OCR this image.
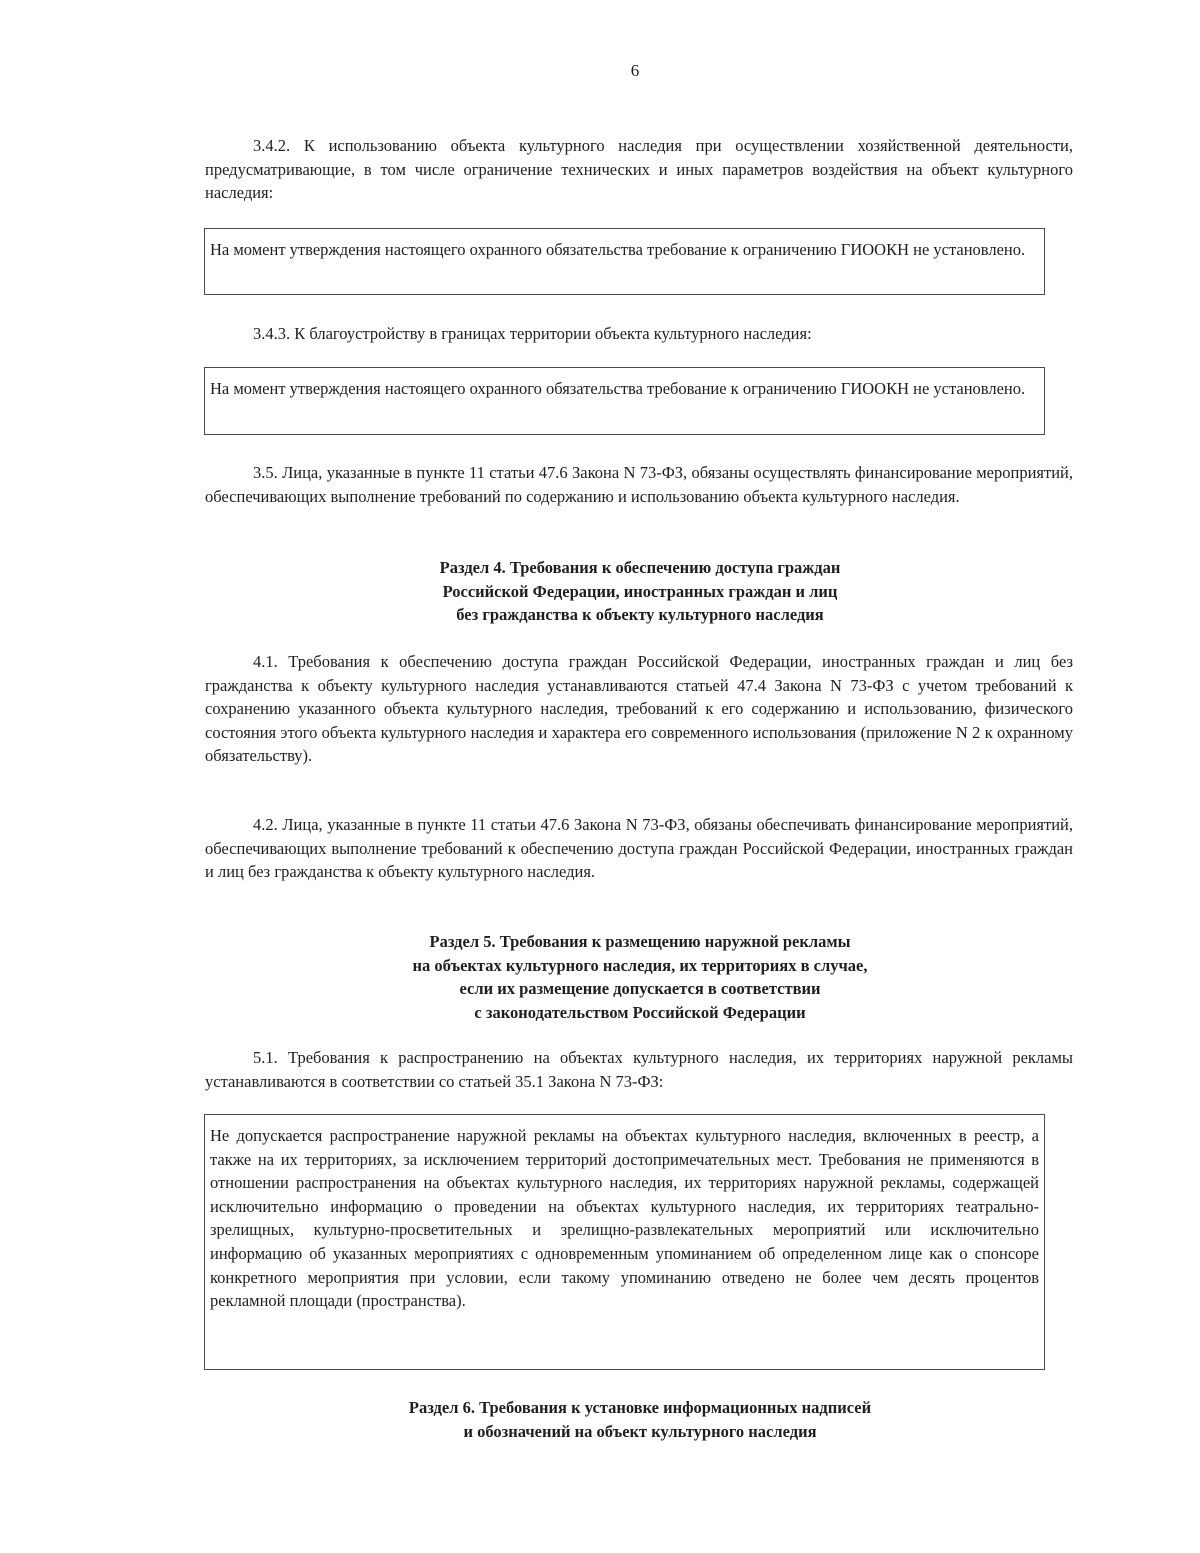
6

3.4.2. К использованию объекта культурного наследия при осуществлении хозяйственной деятельности, предусматривающие, в том числе ограничение технических и иных параметров воздействия на объект культурного наследия:

На момент утверждения настоящего охранного обязательства требование к ограничению ГИООКН не установлено.

3.4.3. К благоустройству в границах территории объекта культурного наследия:

На момент утверждения настоящего охранного обязательства требование к ограничению ГИООКН не установлено.

3.5. Лица, указанные в пункте 11 статьи 47.6 Закона N 73-ФЗ, обязаны осуществлять финансирование мероприятий, обеспечивающих выполнение требований по содержанию и использованию объекта культурного наследия.

Раздел 4. Требования к обеспечению доступа граждан
Российской Федерации, иностранных граждан и лиц
без гражданства к объекту культурного наследия

4.1. Требования к обеспечению доступа граждан Российской Федерации, иностранных граждан и лиц без гражданства к объекту культурного наследия устанавливаются статьей 47.4 Закона N 73-ФЗ с учетом требований к сохранению указанного объекта культурного наследия, требований к его содержанию и использованию, физического состояния этого объекта культурного наследия и характера его современного использования (приложение N 2 к охранному обязательству).

4.2. Лица, указанные в пункте 11 статьи 47.6 Закона N 73-ФЗ, обязаны обеспечивать финансирование мероприятий, обеспечивающих выполнение требований к обеспечению доступа граждан Российской Федерации, иностранных граждан и лиц без гражданства к объекту культурного наследия.

Раздел 5. Требования к размещению наружной рекламы
на объектах культурного наследия, их территориях в случае,
если их размещение допускается в соответствии
с законодательством Российской Федерации

5.1. Требования к распространению на объектах культурного наследия, их территориях наружной рекламы устанавливаются в соответствии со статьей 35.1 Закона N 73-ФЗ:

Не допускается распространение наружной рекламы на объектах культурного наследия, включенных в реестр, а также на их территориях, за исключением территорий достопримечательных мест. Требования не применяются в отношении распространения на объектах культурного наследия, их территориях наружной рекламы, содержащей исключительно информацию о проведении на объектах культурного наследия, их территориях театрально-зрелищных, культурно-просветительных и зрелищно-развлекательных мероприятий или исключительно информацию об указанных мероприятиях с одновременным упоминанием об определенном лице как о спонсоре конкретного мероприятия при условии, если такому упоминанию отведено не более чем десять процентов рекламной площади (пространства).

Раздел 6. Требования к установке информационных надписей
и обозначений на объект культурного наследия
